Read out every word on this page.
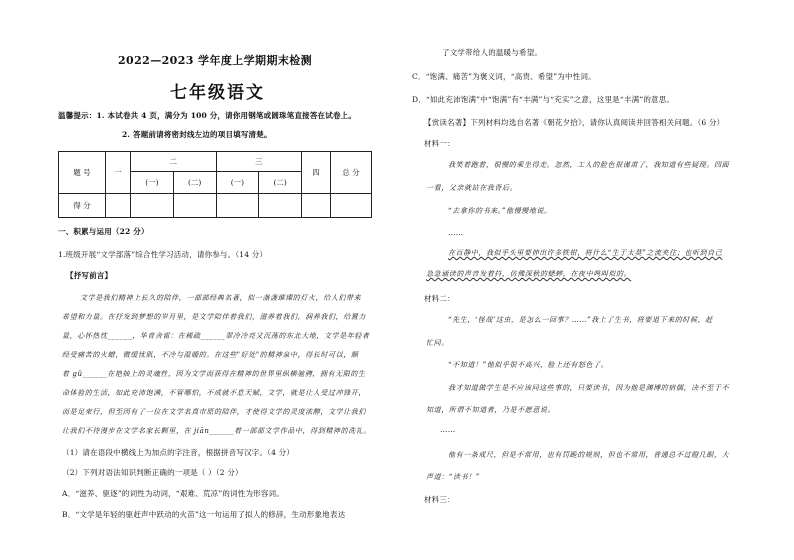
2022—2023 学年度上学期期末检测
七年级语文
温馨提示：1. 本试卷共 4 页，满分为 100 分，请你用钢笔或圆珠笔直接答在试卷上。
2. 答题前请将密封线左边的项目填写清楚。
题 号	一	二		三		四	总 分
		(一)	(二)	(一)	(二)		
得 分							
一、积累与运用（22 分）
1.班级开展“文学部落”综合性学习活动，请你参与。（14 分）
【抒写前言】
文学是我们精神上长久的陪伴，一部部经典名著，似一盏盏璀璨的灯火，给人们带来
希望和力量。在抒发到梦想的岁月里，是文学陪伴着我们，滋养着我们，润养我们，给置力
量，心怀热忱______，华育舍雷：在稀疏______翠冷冷亮又沉荡的东北大地，文学是年轻者
经受痛苦的火蜡，微缓忧肌，不冷与温暖的。在这些"好处"的精神泉中，得长时可以，顺
着 gǔ______在艳抽上的灵魂性，因为文学而获得在精神的世界里纵横驰骋，拥有无限的生
命体验的生活，如此充沛饱满，不管哪怕，不成就不息天赋，文学，就是让人受过冲锋开，
而是足束行，但至因有了一位在文学名真市原的陪伴，才使得文学的灵度浓醇，文学让我们
让我们不待漫步在文学名家长颗里，在 jiān______着一部部文学作品中，得到精神的洗礼。
（1）请在语段中横线上为加点的字注音，根据拼音写汉字。（4 分）
（2）下列对语法知识判断正确的一项是（ ）（2 分）
A．“滋养、驱逐”的词性为动词，“艰难、荒凉”的词性为形容词。
B．“文学是年轻的驱赶声中跃动的火苗”这一句运用了拟人的修辞，生动形象地表达
了文学带给人的温暖与希望。
C．“饱满、痛苦”为褒义词，“高贵、希望”为中性词。
D．“如此充沛饱满”中“饱满”有“丰满”与“充实”之意，这里是“丰满”的意思。
【赏读名著】下列材料均选自名著《朝花夕拾》，请你认真阅读并回答相关问题。（6 分）
材料一：
我笑着跑着，很慢的乘坐得走。忽然，工人的脸色很谨肃了，我知道有些疑现。四面
一看，父亲就站在我背后。
“去拿你的书来。”他慢慢地说。
……
在百静中，我似乎头里要伸出许多铁钳，将什么“生于太莫”之流夹住；也听到自己
急急诵读的声音发着抖，仿佛深秋的蟋蟀，在夜中鸣叫似的。
材料二：
“先生，‘怪哉’这虫，是怎么一回事？……”我上了生书，将要退下来的时候，赶
忙问。
“不知道！”他似乎很不高兴，脸上还有怒色了。
我才知道做学生是不应该问这些事的，只要读书，因为他是渊博的宿儒，决不至于不
知道，所谓不知道者，乃是不愿意说。
……
他有一条戒尺，但是不常用，也有罚跪的规则，但也不常用，普通总不过瞪几眼，大
声道：“读书！”
材料三：
